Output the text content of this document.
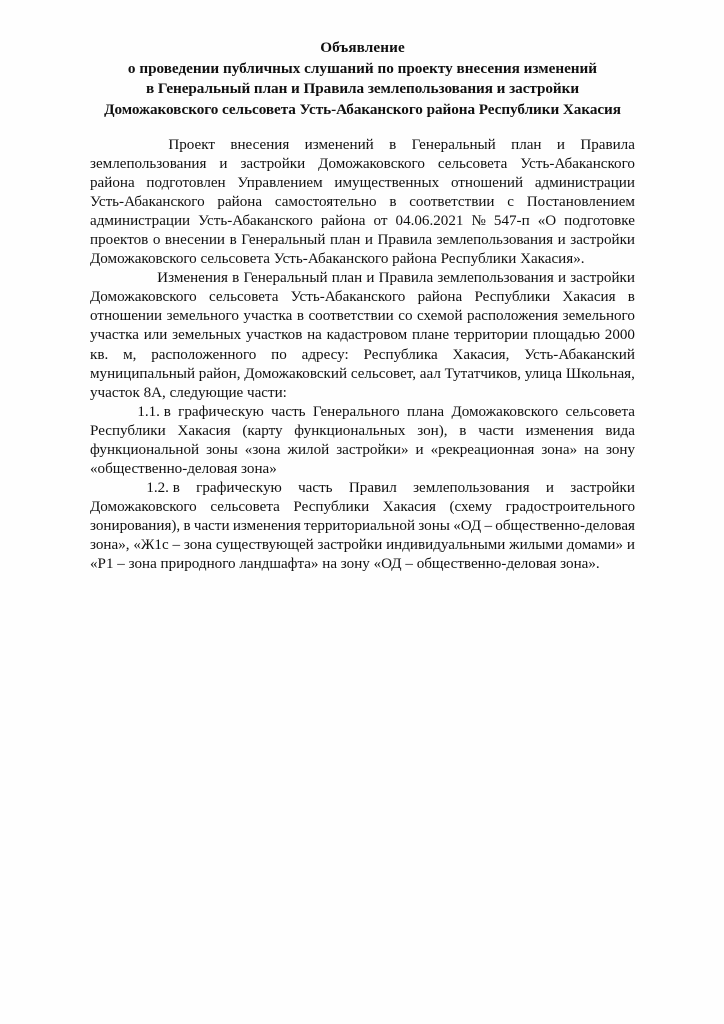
Объявление
о проведении публичных слушаний по проекту внесения изменений
в Генеральный план и Правила землепользования и застройки
Доможаковского сельсовета Усть-Абаканского района Республики Хакасия

Проект внесения изменений в Генеральный план и Правила
землепользования и застройки Доможаковского сельсовета Усть-Абаканского
района подготовлен Управлением имущественных отношений администрации
Усть-Абаканского района самостоятельно в соответствии с Постановлением
администрации Усть-Абаканского района от 04.06.2021 № 547-п «О подготовке
проектов о внесении в Генеральный план и Правила землепользования и застройки
Доможаковского сельсовета Усть-Абаканского района Республики Хакасия».

Изменения в Генеральный план и Правила землепользования и застройки
Доможаковского сельсовета Усть-Абаканского района Республики Хакасия в
отношении земельного участка в соответствии со схемой расположения земельного
участка или земельных участков на кадастровом плане территории площадью 2000
кв. м, расположенного по адресу: Республика Хакасия, Усть-Абаканский
муниципальный район, Доможаковский сельсовет, аал Тутатчиков, улица Школьная,
участок 8А, следующие части:

1.1. в графическую часть Генерального плана Доможаковского сельсовета
Республики Хакасия (карту функциональных зон), в части изменения вида
функциональной зоны «зона жилой застройки» и «рекреационная зона» на зону
«общественно-деловая зона»

1.2. в графическую часть Правил землепользования и застройки
Доможаковского сельсовета Республики Хакасия (схему градостроительного
зонирования), в части изменения территориальной зоны «ОД – общественно-деловая
зона», «Ж1с – зона существующей застройки индивидуальными жилыми домами» и
«Р1 – зона природного ландшафта» на зону «ОД – общественно-деловая зона».
